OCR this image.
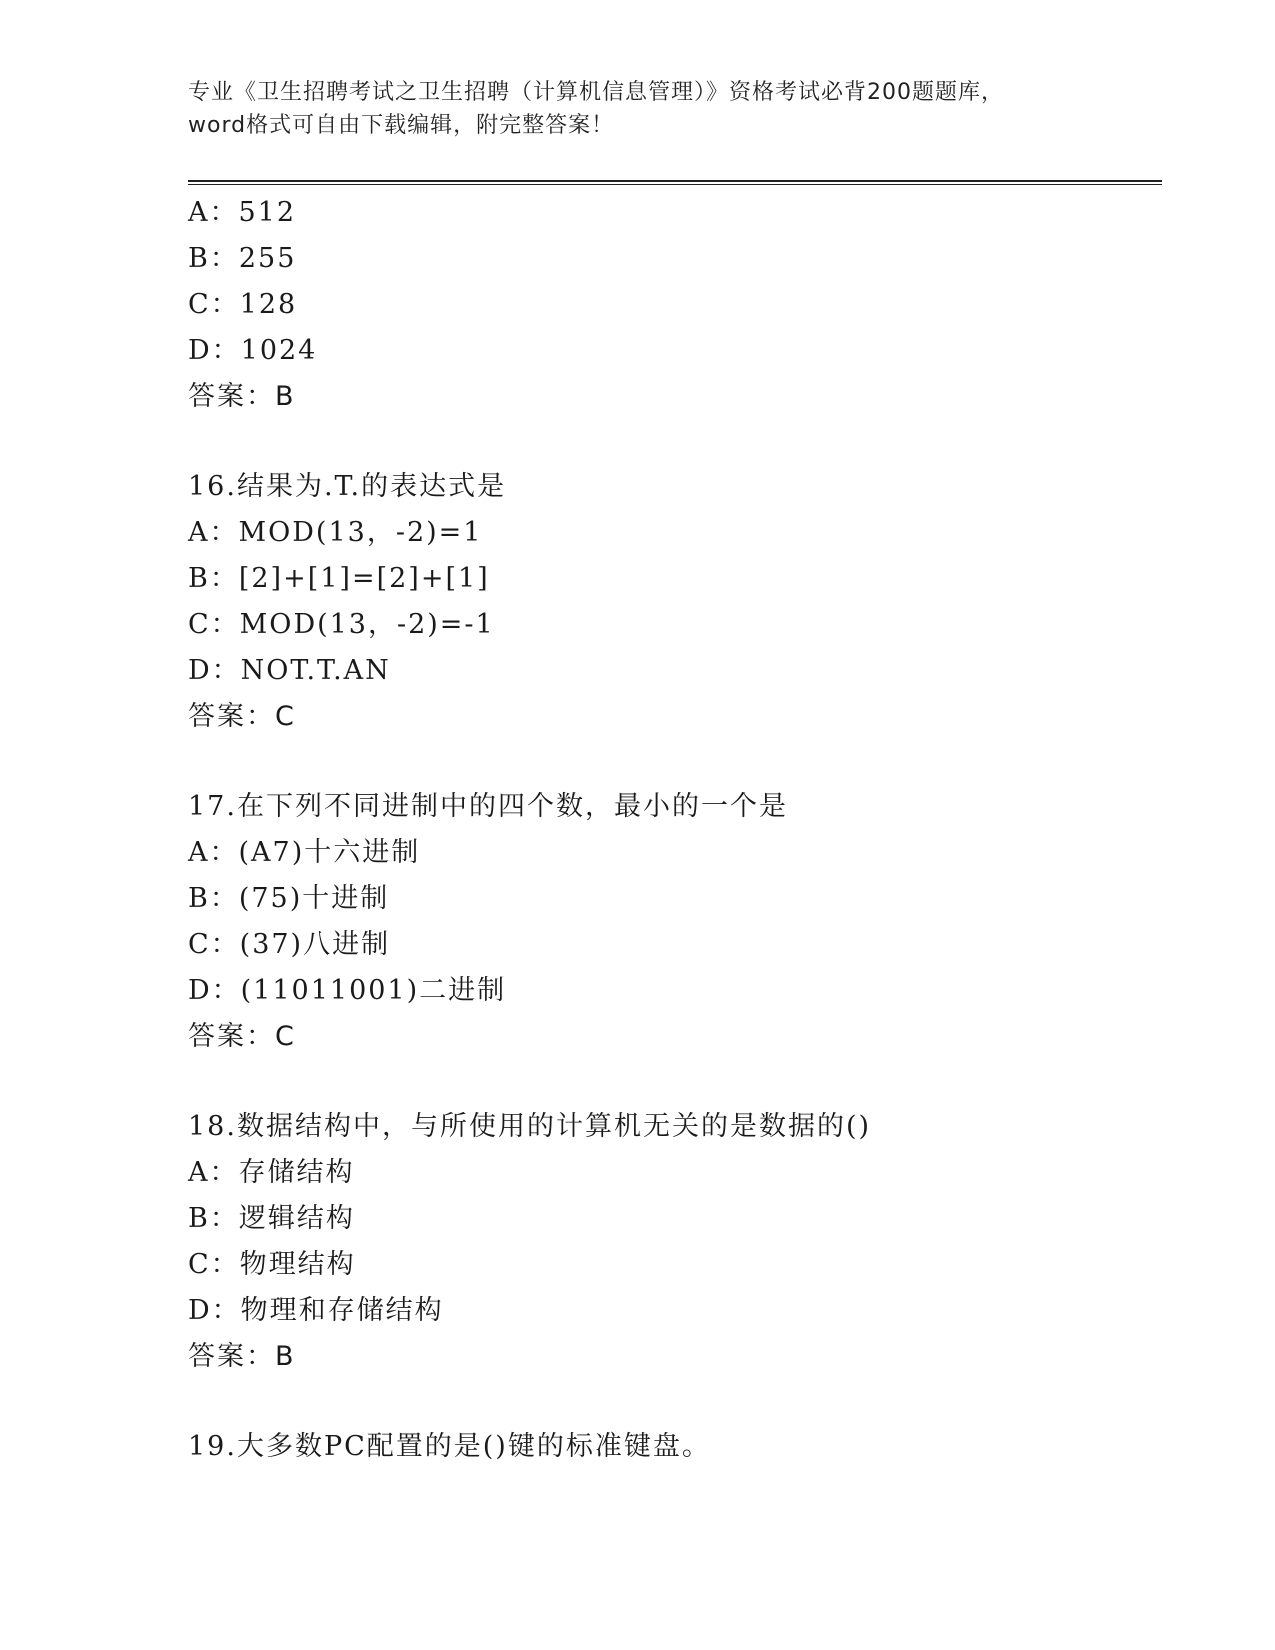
专业《卫生招聘考试之卫生招聘（计算机信息管理）》资格考试必背200题题库，
word格式可自由下载编辑，附完整答案！
A：512
B：255
C：128
D：1024
答案：B
16.结果为.T.的表达式是
A：MOD(13，-2)=1
B：[2]+[1]=[2]+[1]
C：MOD(13，-2)=-1
D：NOT.T.AN
答案：C
17.在下列不同进制中的四个数，最小的一个是
A：(A7)十六进制
B：(75)十进制
C：(37)八进制
D：(11011001)二进制
答案：C
18.数据结构中，与所使用的计算机无关的是数据的()
A：存储结构
B：逻辑结构
C：物理结构
D：物理和存储结构
答案：B
19.大多数PC配置的是()键的标准键盘。
